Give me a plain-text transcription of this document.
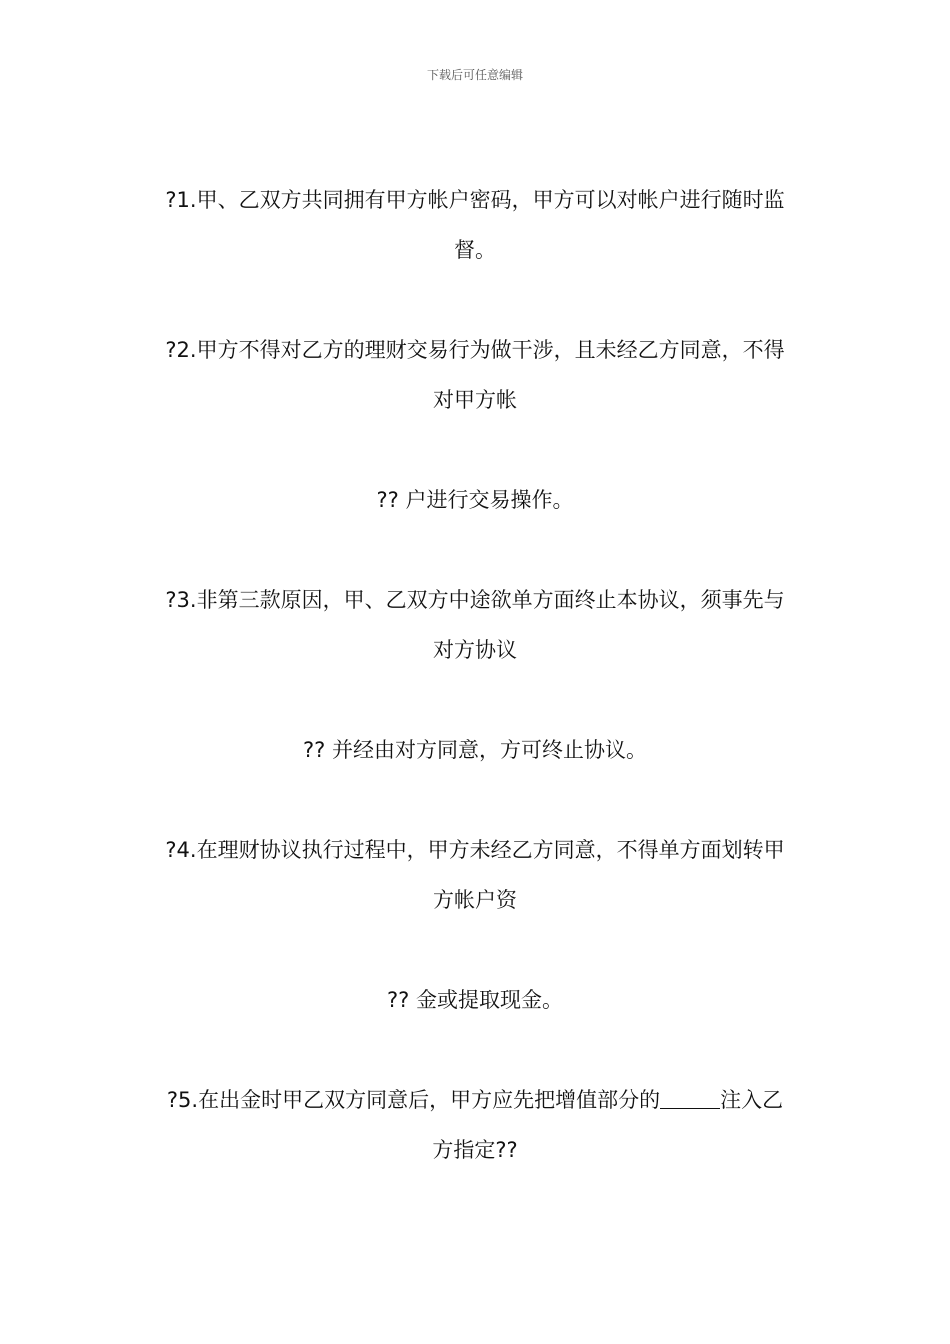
下载后可任意编辑

?1.甲、乙双方共同拥有甲方帐户密码，甲方可以对帐户进行随时监
督。

?2.甲方不得对乙方的理财交易行为做干涉，且未经乙方同意，不得
对甲方帐

?? 户进行交易操作。

?3.非第三款原因，甲、乙双方中途欲单方面终止本协议，须事先与
对方协议

?? 并经由对方同意，方可终止协议。

?4.在理财协议执行过程中，甲方未经乙方同意，不得单方面划转甲
方帐户资

?? 金或提取现金。

?5.在出金时甲乙双方同意后，甲方应先把增值部分的	注入乙
方指定??
